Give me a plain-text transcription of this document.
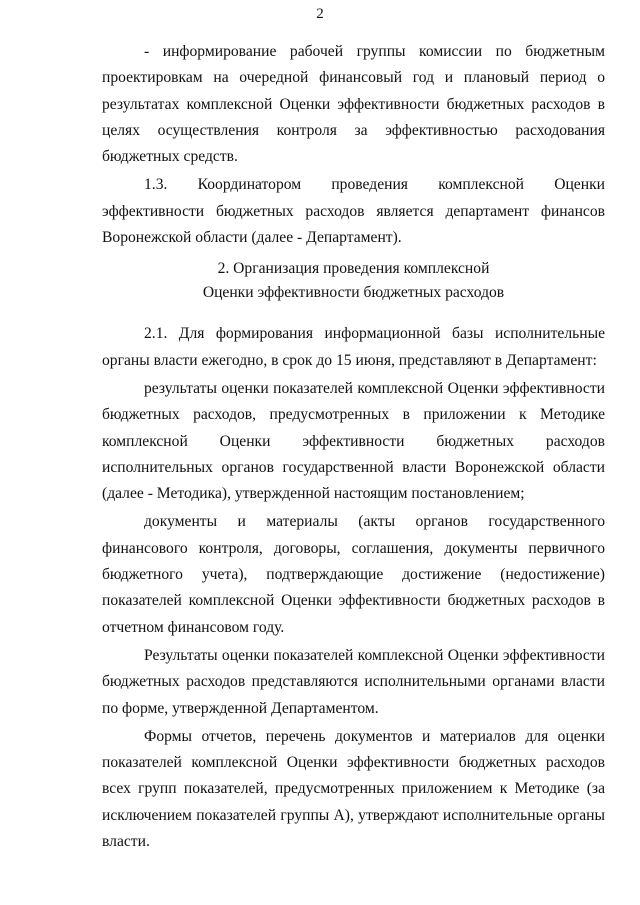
2

- информирование рабочей группы комиссии по бюджетным проектировкам на очередной финансовый год и плановый период о результатах комплексной Оценки эффективности бюджетных расходов в целях осуществления контроля за эффективностью расходования бюджетных средств.

1.3. Координатором проведения комплексной Оценки эффективности бюджетных расходов является департамент финансов Воронежской области (далее - Департамент).

2. Организация проведения комплексной
Оценки эффективности бюджетных расходов

2.1. Для формирования информационной базы исполнительные органы власти ежегодно, в срок до 15 июня, представляют в Департамент:

результаты оценки показателей комплексной Оценки эффективности бюджетных расходов, предусмотренных в приложении к Методике комплексной Оценки эффективности бюджетных расходов исполнительных органов государственной власти Воронежской области (далее - Методика), утвержденной настоящим постановлением;

документы и материалы (акты органов государственного финансового контроля, договоры, соглашения, документы первичного бюджетного учета), подтверждающие достижение (недостижение) показателей комплексной Оценки эффективности бюджетных расходов в отчетном финансовом году.

Результаты оценки показателей комплексной Оценки эффективности бюджетных расходов представляются исполнительными органами власти по форме, утвержденной Департаментом.

Формы отчетов, перечень документов и материалов для оценки показателей комплексной Оценки эффективности бюджетных расходов всех групп показателей, предусмотренных приложением к Методике (за исключением показателей группы А), утверждают исполнительные органы власти.
